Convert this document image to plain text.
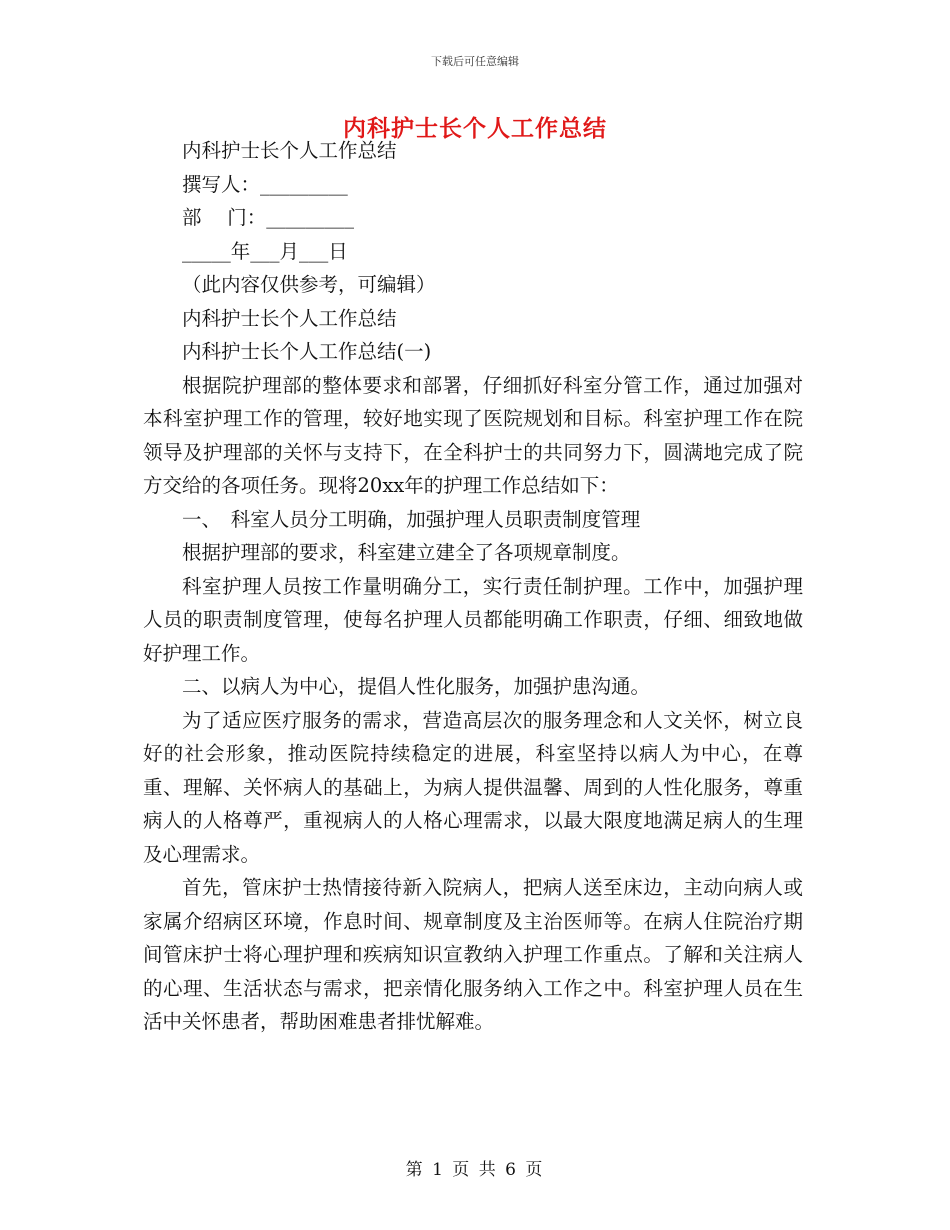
下载后可任意编辑
内科护士长个人工作总结

内科护士长个人工作总结

撰写人：_________

部　 门：_________

_____年___月___日

（此内容仅供参考，可编辑）

内科护士长个人工作总结

内科护士长个人工作总结(一)

根据院护理部的整体要求和部署，仔细抓好科室分管工作，通过加强对本科室护理工作的管理，较好地实现了医院规划和目标。科室护理工作在院领导及护理部的关怀与支持下，在全科护士的共同努力下，圆满地完成了院方交给的各项任务。现将20xx年的护理工作总结如下：

一、　科室人员分工明确，加强护理人员职责制度管理

根据护理部的要求，科室建立建全了各项规章制度。

科室护理人员按工作量明确分工，实行责任制护理。工作中，加强护理人员的职责制度管理，使每名护理人员都能明确工作职责，仔细、细致地做好护理工作。

二、以病人为中心，提倡人性化服务，加强护患沟通。

为了适应医疗服务的需求，营造高层次的服务理念和人文关怀，树立良好的社会形象，推动医院持续稳定的进展，科室坚持以病人为中心，在尊重、理解、关怀病人的基础上，为病人提供温馨、周到的人性化服务，尊重病人的人格尊严，重视病人的人格心理需求，以最大限度地满足病人的生理及心理需求。

首先，管床护士热情接待新入院病人，把病人送至床边，主动向病人或家属介绍病区环境，作息时间、规章制度及主治医师等。在病人住院治疗期间管床护士将心理护理和疾病知识宣教纳入护理工作重点。了解和关注病人的心理、生活状态与需求，把亲情化服务纳入工作之中。科室护理人员在生活中关怀患者，帮助困难患者排忧解难。

第 1 页 共 6 页
